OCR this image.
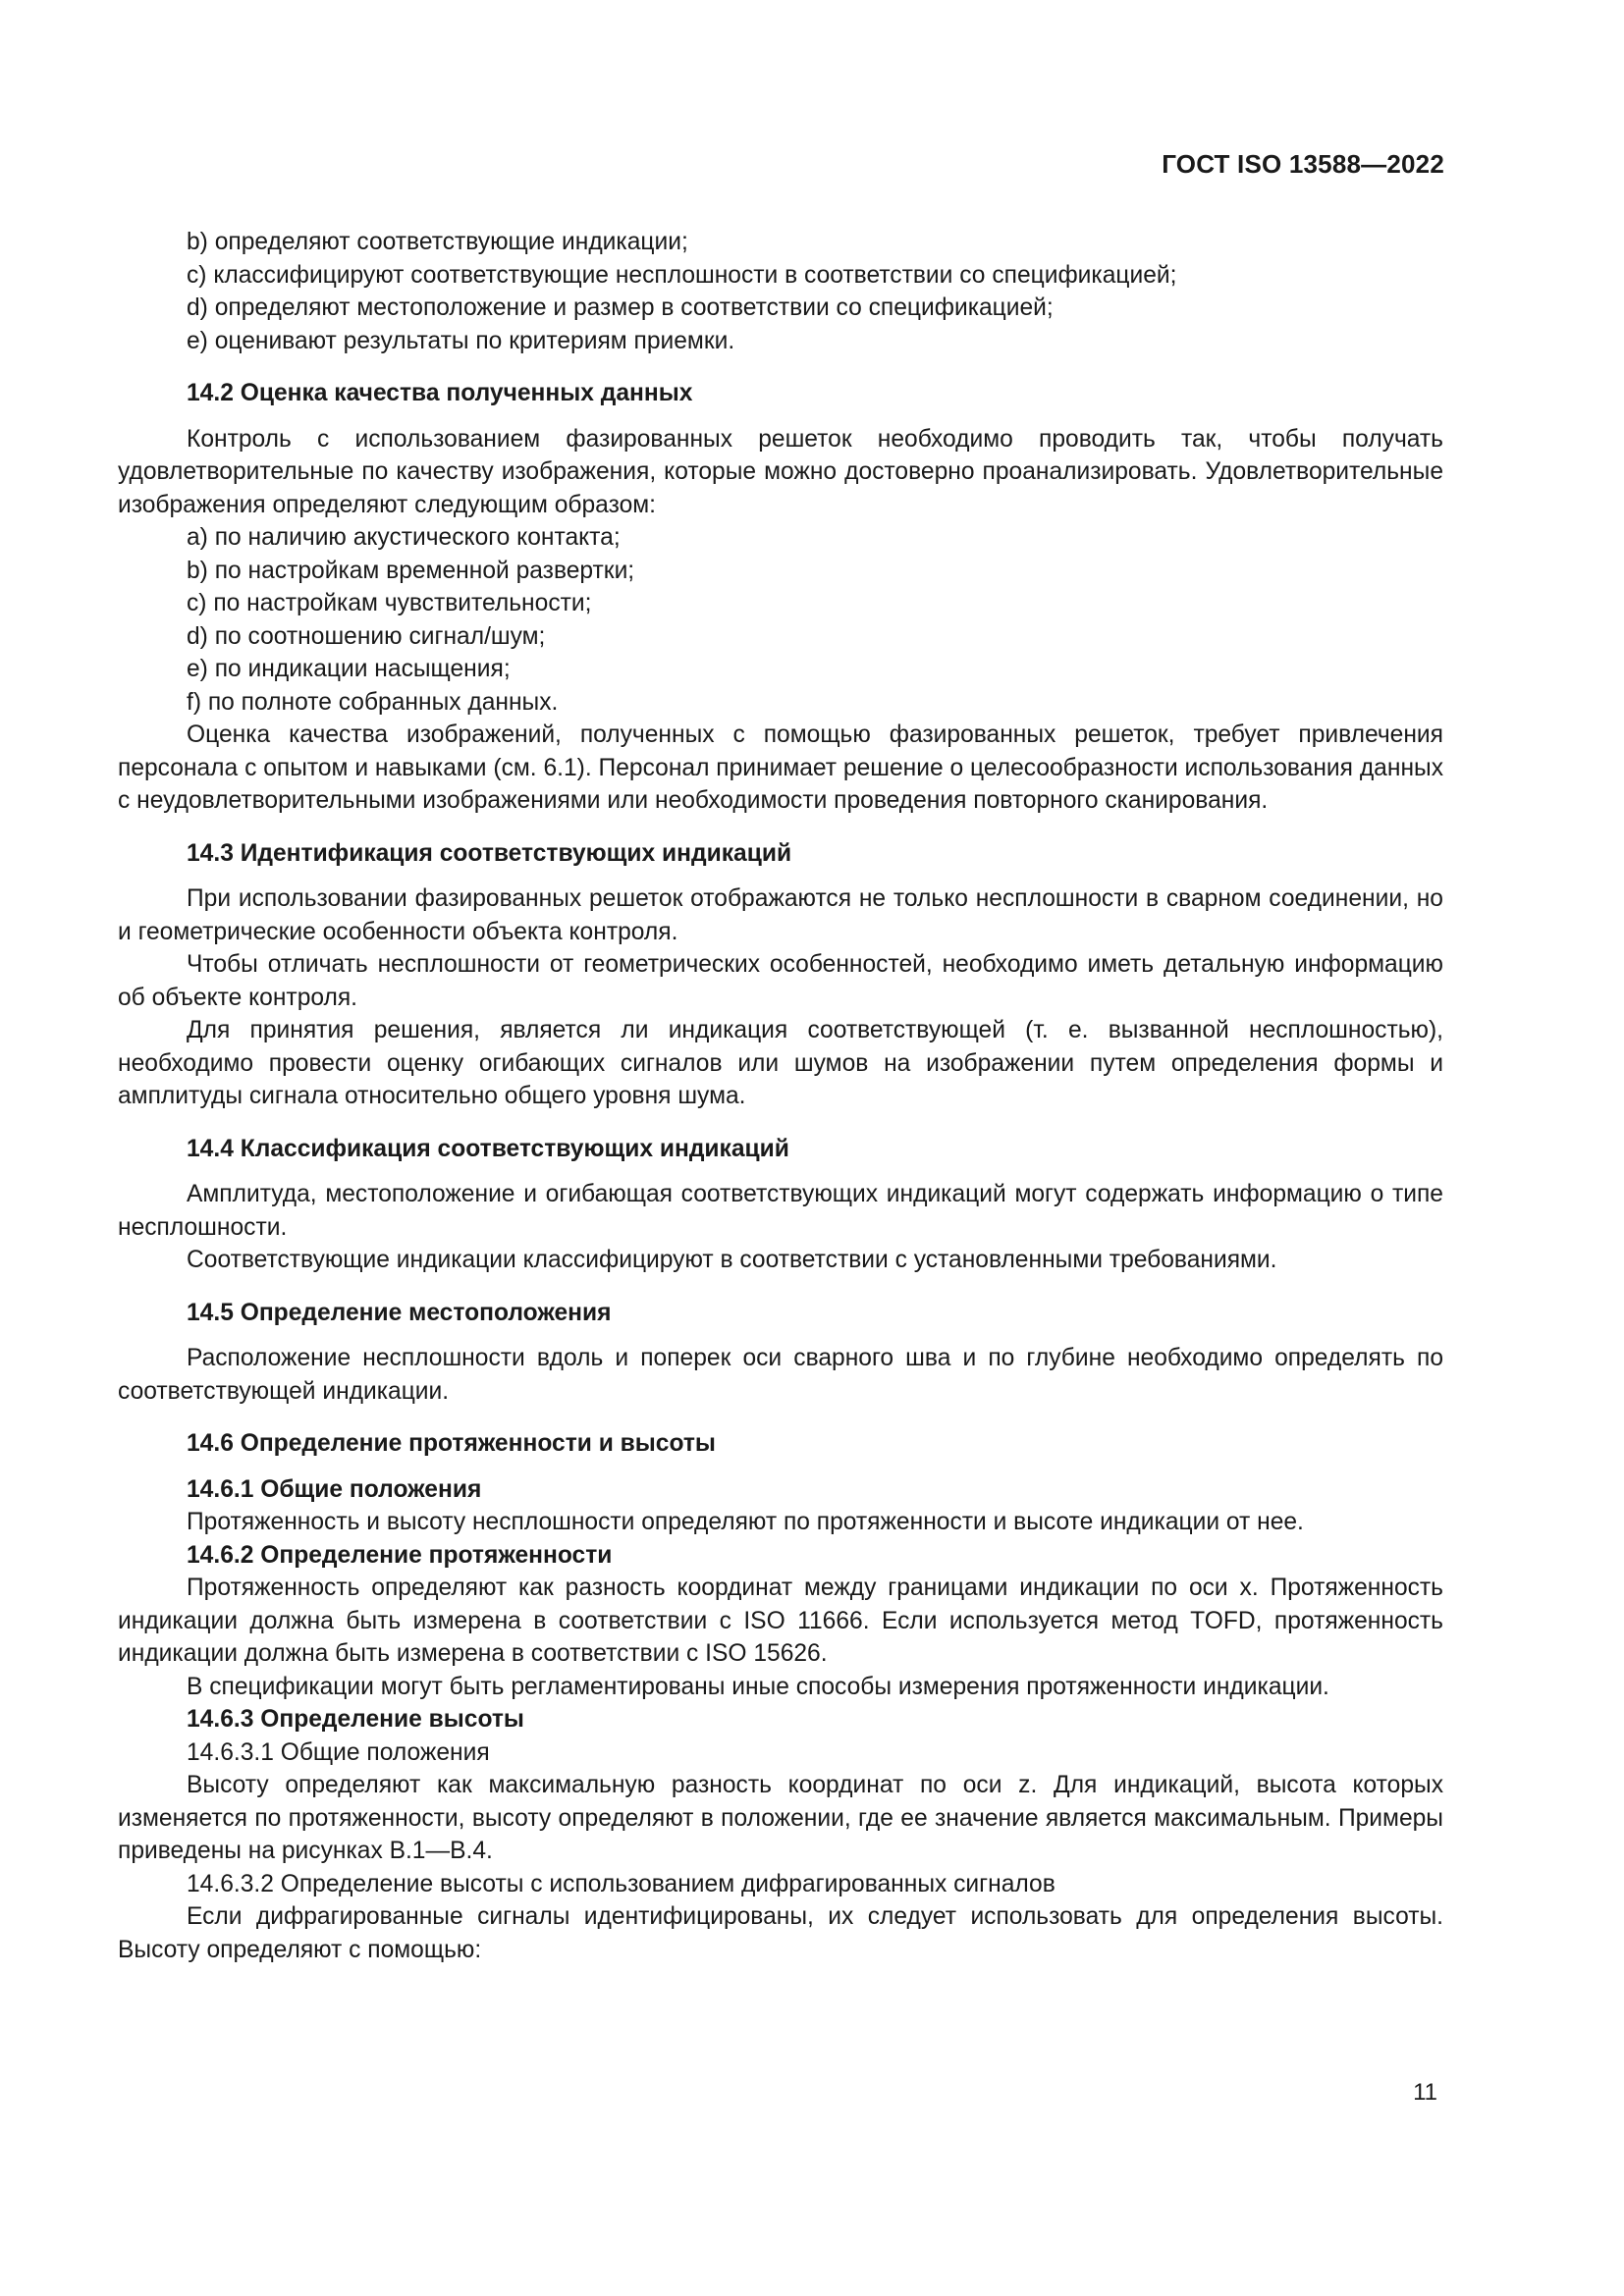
ГОСТ ISO 13588—2022

b) определяют соответствующие индикации;

c) классифицируют соответствующие несплошности в соответствии со спецификацией;

d) определяют местоположение и размер в соответствии со спецификацией;

e) оценивают результаты по критериям приемки.

14.2 Оценка качества полученных данных

Контроль с использованием фазированных решеток необходимо проводить так, чтобы получать удовлетворительные по качеству изображения, которые можно достоверно проанализировать. Удовлетворительные изображения определяют следующим образом:

a) по наличию акустического контакта;

b) по настройкам временной развертки;

c) по настройкам чувствительности;

d) по соотношению сигнал/шум;

e) по индикации насыщения;

f) по полноте собранных данных.

Оценка качества изображений, полученных с помощью фазированных решеток, требует привлечения персонала с опытом и навыками (см. 6.1). Персонал принимает решение о целесообразности использования данных с неудовлетворительными изображениями или необходимости проведения повторного сканирования.

14.3 Идентификация соответствующих индикаций

При использовании фазированных решеток отображаются не только несплошности в сварном соединении, но и геометрические особенности объекта контроля.

Чтобы отличать несплошности от геометрических особенностей, необходимо иметь детальную информацию об объекте контроля.

Для принятия решения, является ли индикация соответствующей (т. е. вызванной несплошностью), необходимо провести оценку огибающих сигналов или шумов на изображении путем определения формы и амплитуды сигнала относительно общего уровня шума.

14.4 Классификация соответствующих индикаций

Амплитуда, местоположение и огибающая соответствующих индикаций могут содержать информацию о типе несплошности.

Соответствующие индикации классифицируют в соответствии с установленными требованиями.

14.5 Определение местоположения

Расположение несплошности вдоль и поперек оси сварного шва и по глубине необходимо определять по соответствующей индикации.

14.6 Определение протяженности и высоты

14.6.1 Общие положения

Протяженность и высоту несплошности определяют по протяженности и высоте индикации от нее.

14.6.2 Определение протяженности

Протяженность определяют как разность координат между границами индикации по оси x. Протяженность индикации должна быть измерена в соответствии с ISO 11666. Если используется метод TOFD, протяженность индикации должна быть измерена в соответствии с ISO 15626.

В спецификации могут быть регламентированы иные способы измерения протяженности индикации.

14.6.3 Определение высоты

14.6.3.1 Общие положения

Высоту определяют как максимальную разность координат по оси z. Для индикаций, высота которых изменяется по протяженности, высоту определяют в положении, где ее значение является максимальным. Примеры приведены на рисунках В.1—В.4.

14.6.3.2 Определение высоты с использованием дифрагированных сигналов

Если дифрагированные сигналы идентифицированы, их следует использовать для определения высоты. Высоту определяют с помощью:

11
